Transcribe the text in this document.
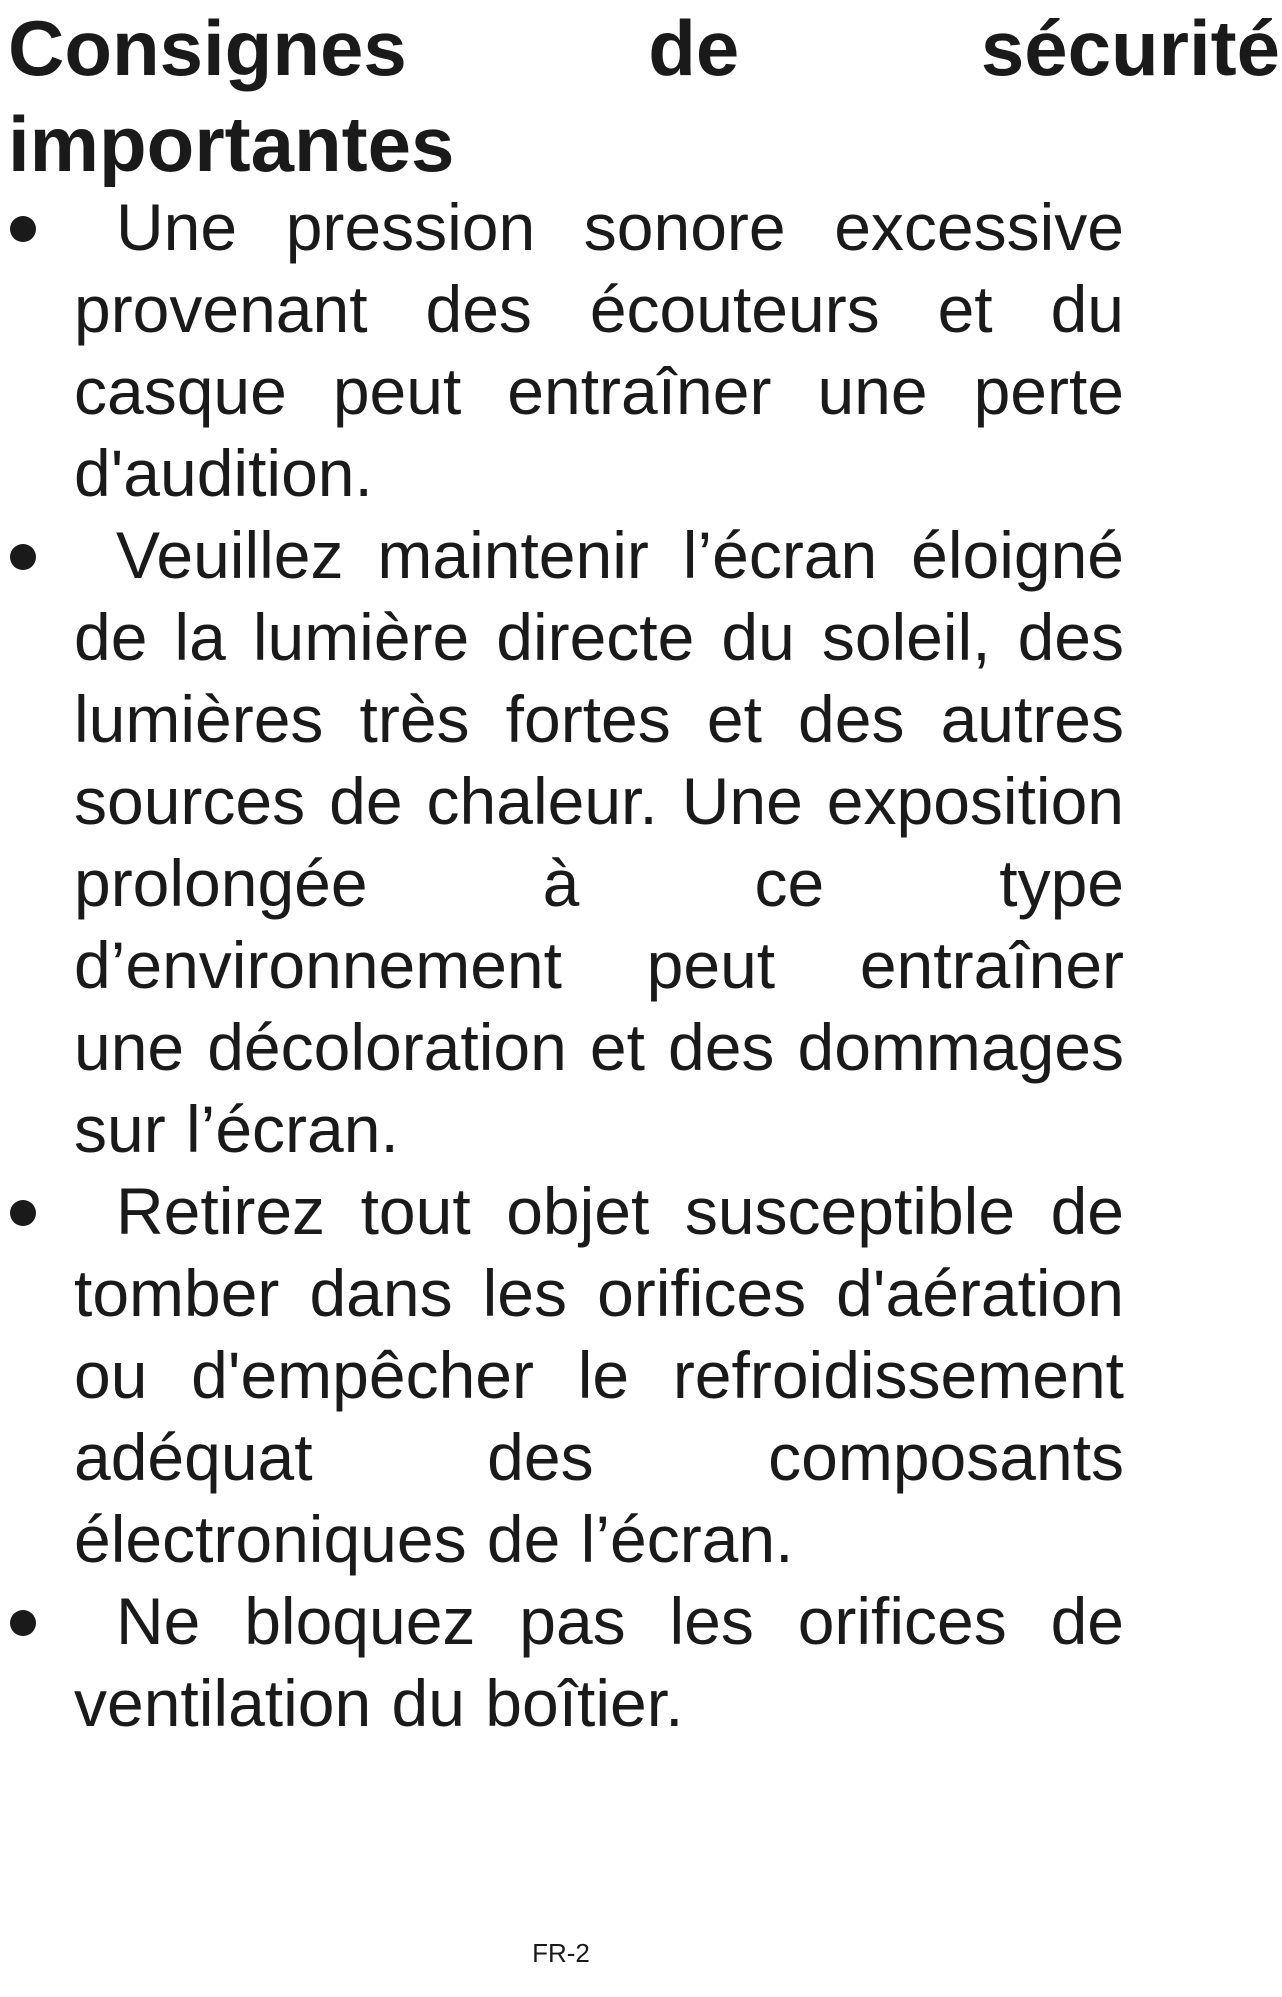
Consignes de sécurité importantes
Une pression sonore excessive provenant des écouteurs et du casque peut entraîner une perte d'audition.
Veuillez maintenir l’écran éloigné de la lumière directe du soleil, des lumières très fortes et des autres sources de chaleur. Une exposition prolongée à ce type d’environnement peut entraîner une décoloration et des dommages sur l’écran.
Retirez tout objet susceptible de tomber dans les orifices d'aération ou d'empêcher le refroidissement adéquat des composants électroniques de l’écran.
Ne bloquez pas les orifices de ventilation du boîtier.
FR-2
